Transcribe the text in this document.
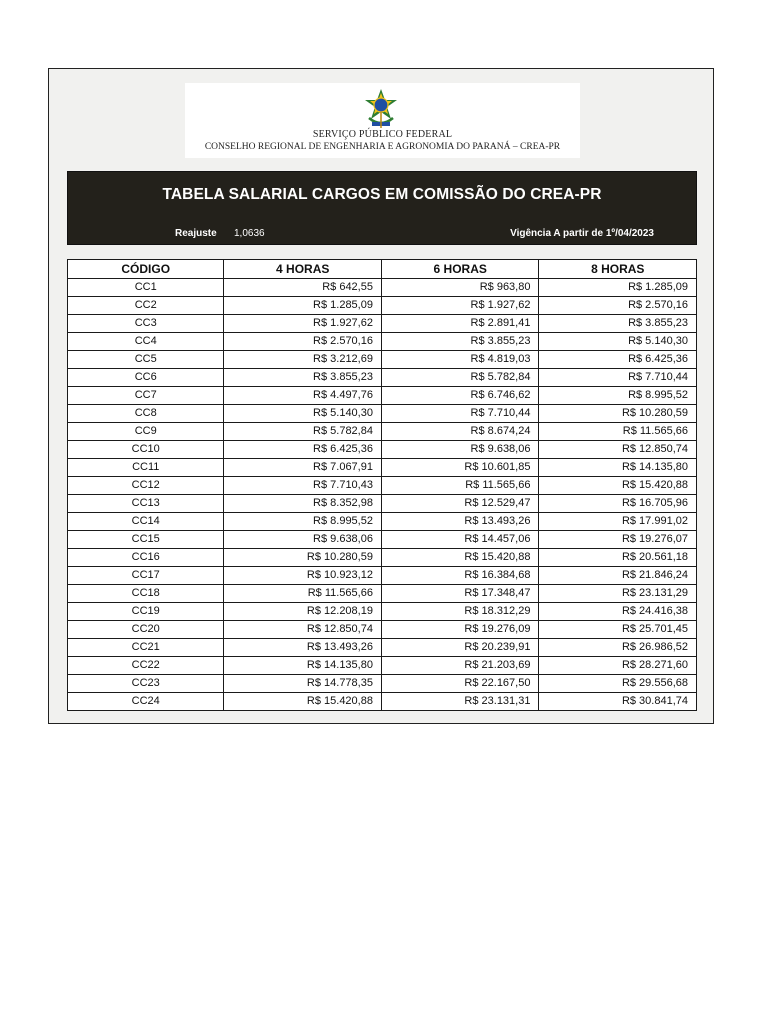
SERVIÇO PÚBLICO FEDERAL
CONSELHO REGIONAL DE ENGENHARIA E AGRONOMIA DO PARANÁ – CREA-PR
TABELA SALARIAL CARGOS EM COMISSÃO DO CREA-PR
Reajuste 1,0636	Vigência A partir de 1º/04/2023
CÓDIGO	4 HORAS	6 HORAS	8 HORAS
CC1	R$ 642,55	R$ 963,80	R$ 1.285,09
CC2	R$ 1.285,09	R$ 1.927,62	R$ 2.570,16
CC3	R$ 1.927,62	R$ 2.891,41	R$ 3.855,23
CC4	R$ 2.570,16	R$ 3.855,23	R$ 5.140,30
CC5	R$ 3.212,69	R$ 4.819,03	R$ 6.425,36
CC6	R$ 3.855,23	R$ 5.782,84	R$ 7.710,44
CC7	R$ 4.497,76	R$ 6.746,62	R$ 8.995,52
CC8	R$ 5.140,30	R$ 7.710,44	R$ 10.280,59
CC9	R$ 5.782,84	R$ 8.674,24	R$ 11.565,66
CC10	R$ 6.425,36	R$ 9.638,06	R$ 12.850,74
CC11	R$ 7.067,91	R$ 10.601,85	R$ 14.135,80
CC12	R$ 7.710,43	R$ 11.565,66	R$ 15.420,88
CC13	R$ 8.352,98	R$ 12.529,47	R$ 16.705,96
CC14	R$ 8.995,52	R$ 13.493,26	R$ 17.991,02
CC15	R$ 9.638,06	R$ 14.457,06	R$ 19.276,07
CC16	R$ 10.280,59	R$ 15.420,88	R$ 20.561,18
CC17	R$ 10.923,12	R$ 16.384,68	R$ 21.846,24
CC18	R$ 11.565,66	R$ 17.348,47	R$ 23.131,29
CC19	R$ 12.208,19	R$ 18.312,29	R$ 24.416,38
CC20	R$ 12.850,74	R$ 19.276,09	R$ 25.701,45
CC21	R$ 13.493,26	R$ 20.239,91	R$ 26.986,52
CC22	R$ 14.135,80	R$ 21.203,69	R$ 28.271,60
CC23	R$ 14.778,35	R$ 22.167,50	R$ 29.556,68
CC24	R$ 15.420,88	R$ 23.131,31	R$ 30.841,74
